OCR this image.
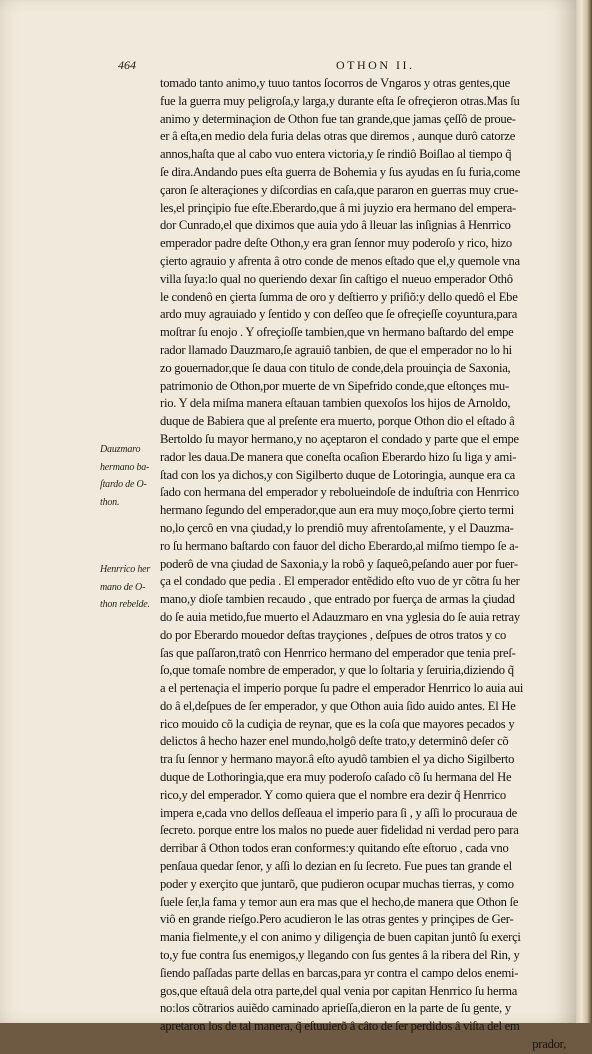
464	OTHON II.
Dauzmaro
hermano ba-
ſtardo de O-
thon.
Henrrico her
mano de O-
thon rebelde.
tomado tanto animo,y tuuo tantos ſocorros de Vngaros y otras gentes,que
fue la guerra muy peligroſa,y larga,y durante eſta ſe ofreçieron otras.Mas ſu
animo y determinaçion de Othon fue tan grande,que jamas çeſſô de proue-
er â eſta,en medio dela furia delas otras que diremos , aunque durô catorze
annos,haſta que al cabo vuo entera victoria,y ſe rindiô Boiſlao al tiempo q̃
ſe dira.Andando pues eſta guerra de Bohemia y ſus ayudas en ſu furia,come
çaron ſe alteraçiones y diſcordias en caſa,que pararon en guerras muy crue-
les,el prinçipio fue eſte.Eberardo,que â mi juyzio era hermano del empera-
dor Cunrado,el que diximos que auia ydo â lleuar las inſignias â Henrrico
emperador padre deſte Othon,y era gran ſennor muy poderoſo y rico, hizo
çierto agrauio y afrenta â otro conde de menos eſtado que el,y quemole vna
villa ſuya:lo qual no queriendo dexar ſin caſtigo el nueuo emperador Othô
le condenô en çierta ſumma de oro y deſtierro y priſiõ:y dello quedô el Ebe
ardo muy agrauiado y ſentido y con deſſeo que ſe ofreçieſſe coyuntura,para
moſtrar ſu enojo . Y ofreçioſſe tambien,que vn hermano baſtardo del empe
rador llamado Dauzmaro,ſe agrauiô tanbien, de que el emperador no lo hi
zo gouernador,que ſe daua con titulo de conde,dela prouinçia de Saxonia,
patrimonio de Othon,por muerte de vn Sipefrido conde,que eſtonçes mu-
rio. Y dela miſma manera eſtauan tambien quexoſos los hijos de Arnoldo,
duque de Babiera que al preſente era muerto, porque Othon dio el eſtado â
Bertoldo ſu mayor hermano,y no açeptaron el condado y parte que el empe
rador les daua.De manera que coneſta ocaſion Eberardo hizo ſu liga y ami-
ſtad con los ya dichos,y con Sigilberto duque de Lotoringia, aunque era ca
ſado con hermana del emperador y rebolueindoſe de induſtria con Henrrico
hermano ſegundo del emperador,que aun era muy moço,ſobre çierto termi
no,lo çercô en vna çiudad,y lo prendiô muy afrentoſamente, y el Dauzma-
ro ſu hermano baſtardo con fauor del dicho Eberardo,al miſmo tiempo ſe a-
poderô de vna çiudad de Saxonia,y la robô y ſaqueô,peſando auer por fuer-
ça el condado que pedia . El emperador entẽdido eſto vuo de yr cõtra ſu her
mano,y dioſe tambien recaudo , que entrado por fuerça de armas la çiudad
do ſe auia metido,fue muerto el Adauzmaro en vna yglesia do ſe auia retray
do por Eberardo mouedor deſtas trayçiones , deſpues de otros tratos y co
ſas que paſſaron,tratô con Henrrico hermano del emperador que tenia preſ-
ſo,que tomaſe nombre de emperador, y que lo ſoltaria y ſeruiria,diziendo q̃
a el pertenaçia el imperio porque ſu padre el emperador Henrrico lo auia aui
do â el,deſpues de ſer emperador, y que Othon auia ſido auido antes. El He
rico mouido cõ la cudiçia de reynar, que es la coſa que mayores pecados y
delictos â hecho hazer enel mundo,holgô deſte trato,y determinô deſer cõ
tra ſu ſennor y hermano mayor.â eſto ayudô tambien el ya dicho Sigilberto
duque de Lothoringia,que era muy poderoſo caſado cõ ſu hermana del He
rico,y del emperador. Y como quiera que el nombre era dezir q̃ Henrrico
impera e,cada vno dellos deſſeaua el imperio para ſi , y aſſi lo procuraua de
ſecreto. porque entre los malos no puede auer fidelidad ni verdad pero para
derribar â Othon todos eran conformes:y quitando eſte eſtoruo , cada vno
penſaua quedar ſenor, y aſſi lo dezian en ſu ſecreto. Fue pues tan grande el
poder y exerçito que juntarõ, que pudieron ocupar muchas tierras, y como
ſuele ſer,la fama y temor aun era mas que el hecho,de manera que Othon ſe
viô en grande rieſgo.Pero acudieron le las otras gentes y prinçipes de Ger-
mania fielmente,y el con animo y diligençia de buen capitan juntô ſu exerçi
to,y fue contra ſus enemigos,y llegando con ſus gentes â la ribera del Rin, y
ſiendo paſſadas parte dellas en barcas,para yr contra el campo delos enemi-
gos,que eſtauâ dela otra parte,del qual venia por capitan Henrrico ſu herma
no:los cõtrarios auiẽdo caminado aprieſſa,dieron en la parte de ſu gente, y
apretaron los de tal manera, q̃ eſtuuierõ â câto de ſer perdidos â viſta del em
prador,
